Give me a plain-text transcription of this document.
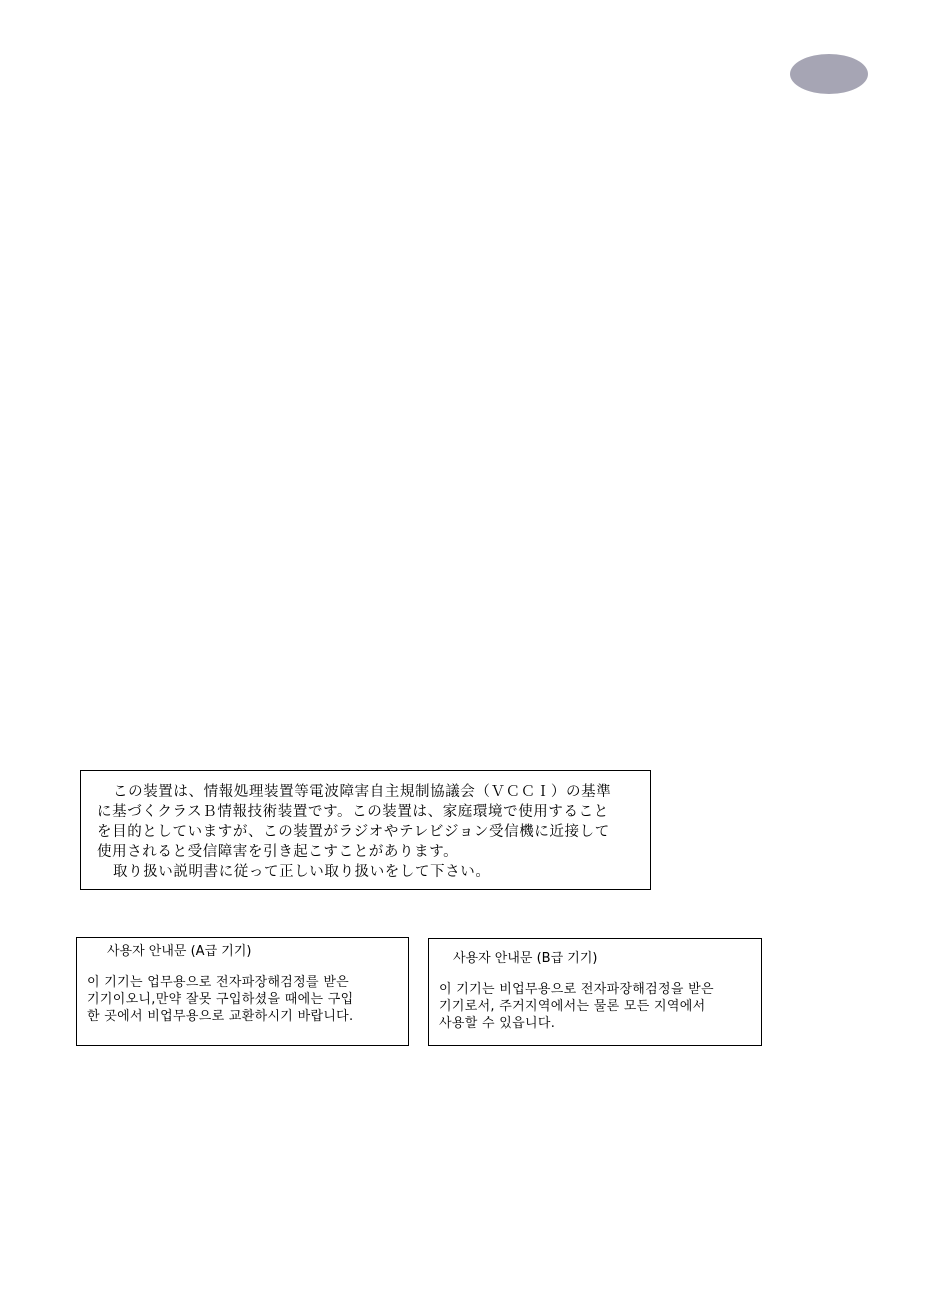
この装置は、情報処理装置等電波障害自主規制協議会（ＶＣＣＩ）の基準
に基づくクラスＢ情報技術装置です。この装置は、家庭環境で使用すること
を目的としていますが、この装置がラジオやテレビジョン受信機に近接して
使用されると受信障害を引き起こすことがあります。
取り扱い説明書に従って正しい取り扱いをして下さい。
사용자 안내문 (A급 기기)
이 기기는 업무용으로 전자파장해검정를 받은
기기이오니,만약 잘못 구입하셨을 때에는 구입
한 곳에서 비업무용으로 교환하시기 바랍니다.
사용자 안내문 (B급 기기)
이 기기는 비업무용으로 전자파장해검정을 받은
기기로서, 주거지역에서는 물론 모든 지역에서
사용할 수 있읍니다.
